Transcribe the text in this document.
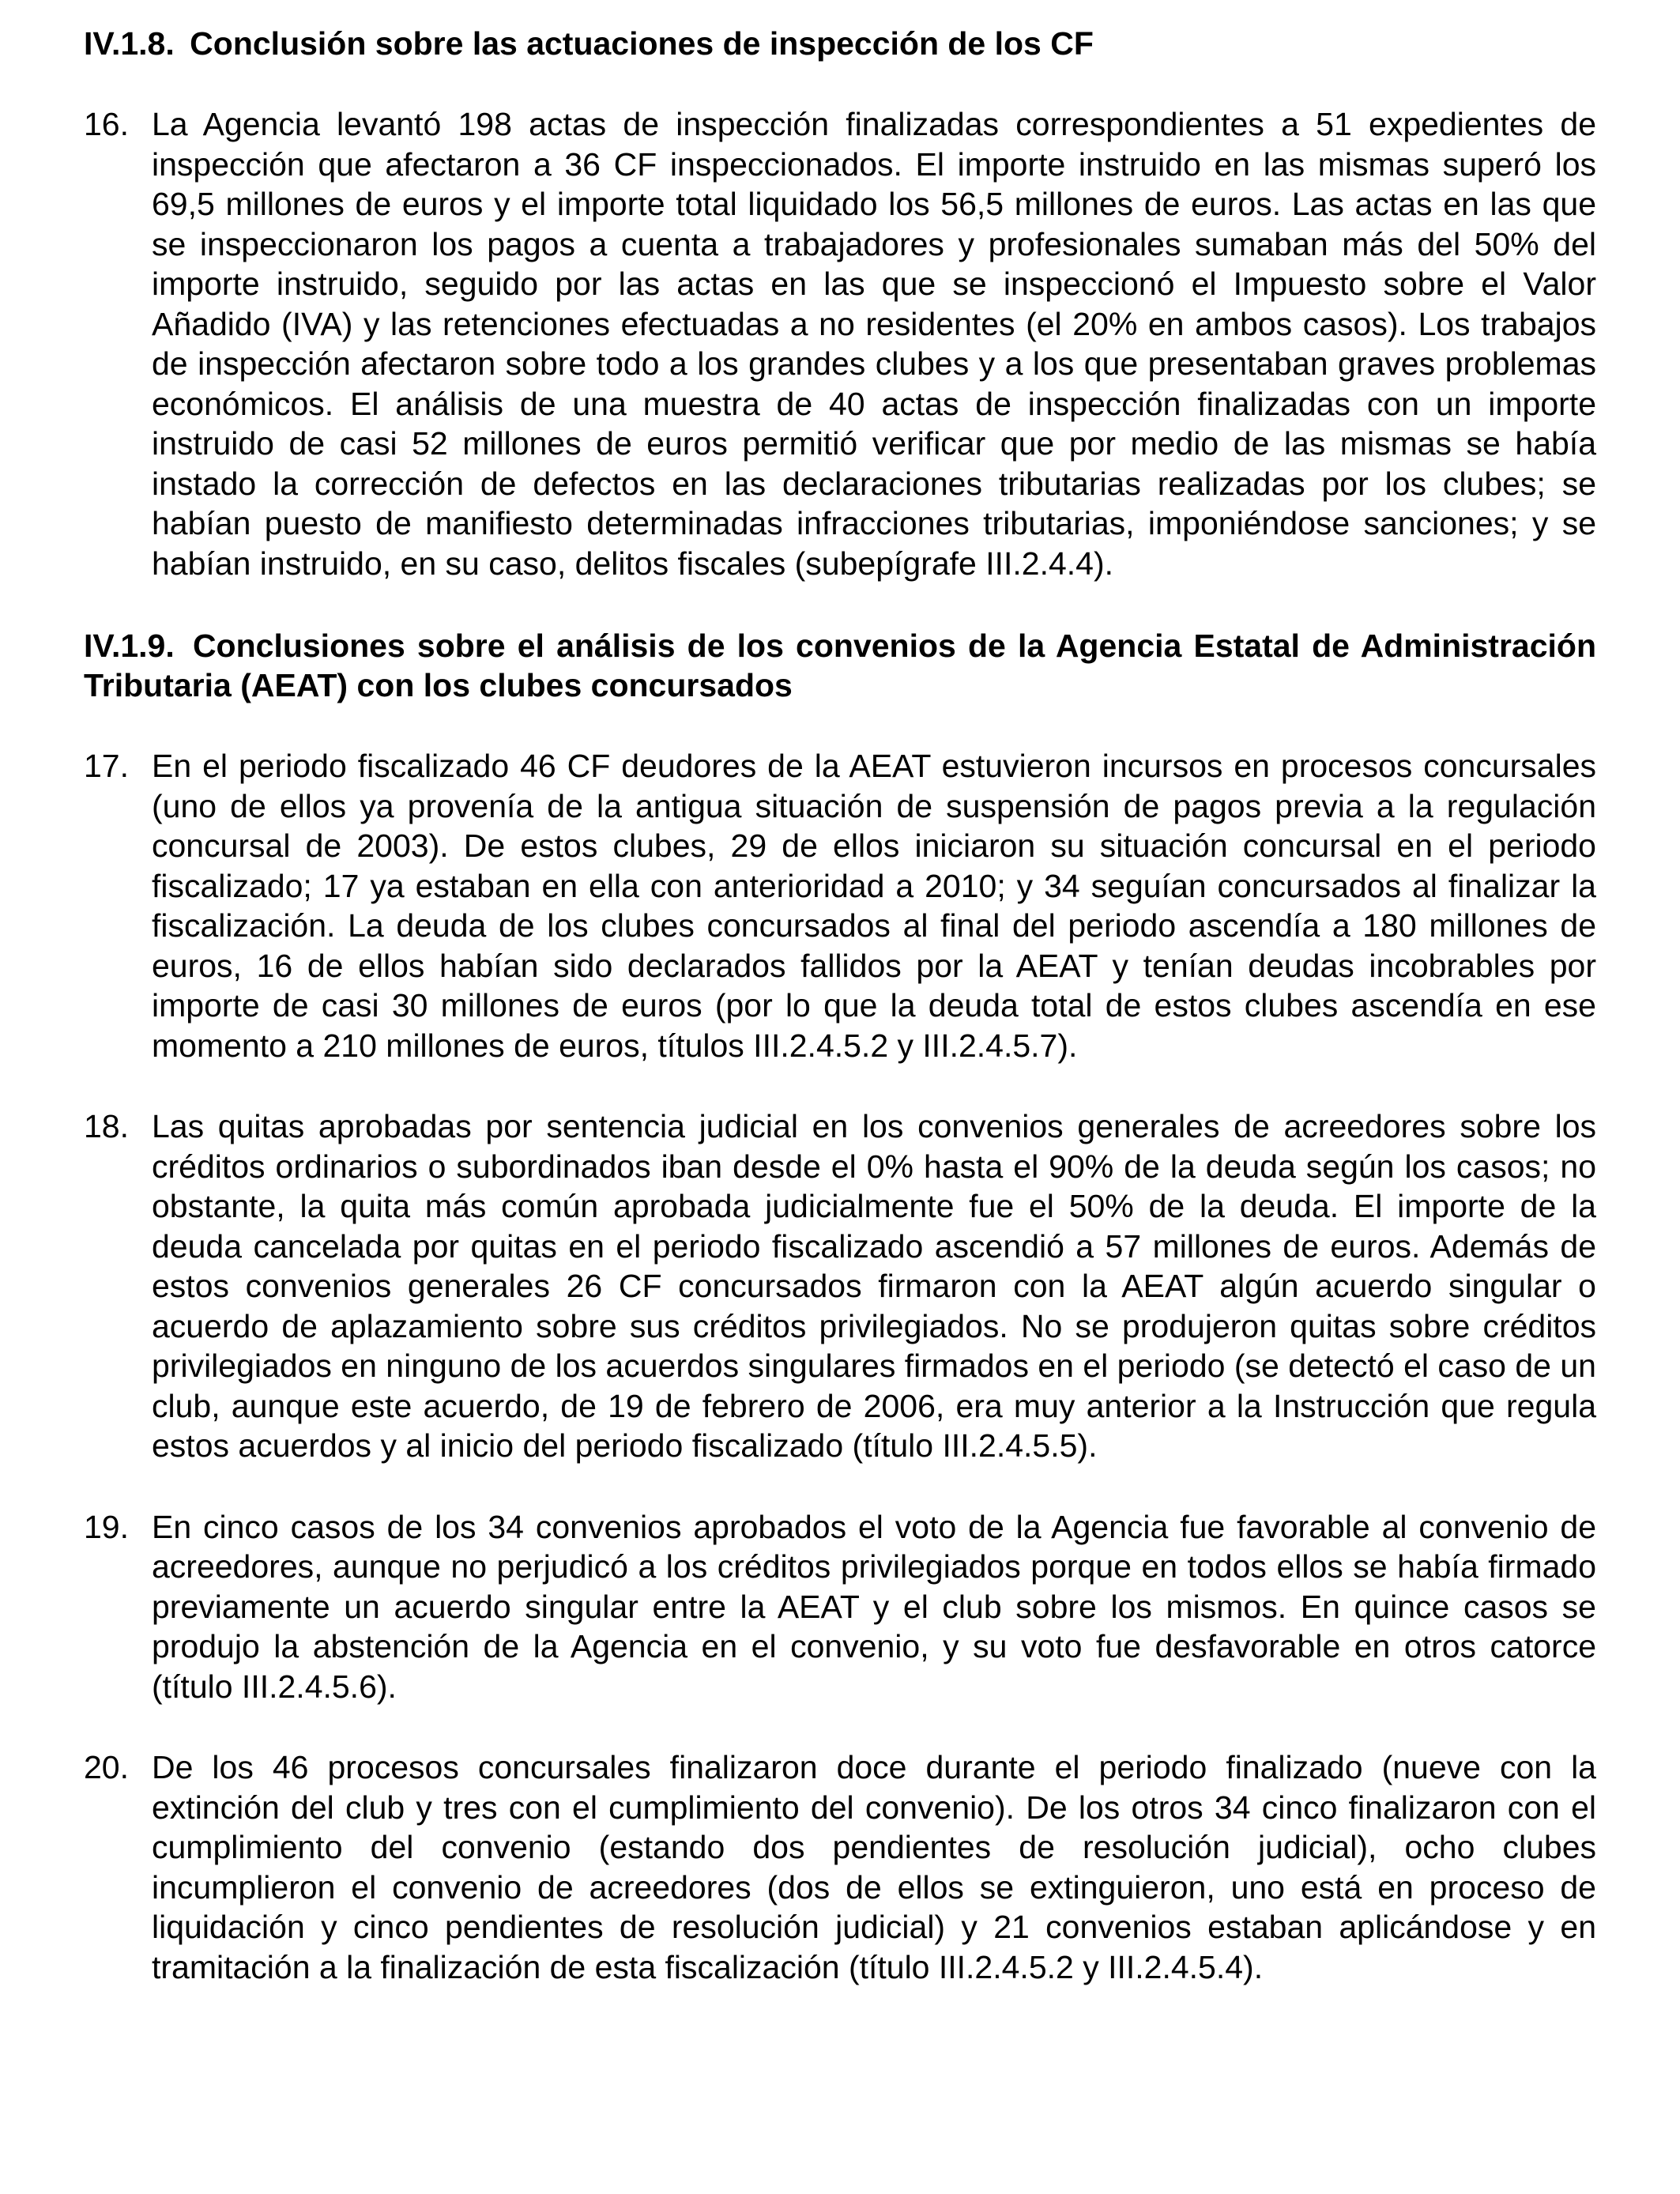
IV.1.8. Conclusión sobre las actuaciones de inspección de los CF

16. La Agencia levantó 198 actas de inspección finalizadas correspondientes a 51 expedientes de inspección que afectaron a 36 CF inspeccionados. El importe instruido en las mismas superó los 69,5 millones de euros y el importe total liquidado los 56,5 millones de euros. Las actas en las que se inspeccionaron los pagos a cuenta a trabajadores y profesionales sumaban más del 50% del importe instruido, seguido por las actas en las que se inspeccionó el Impuesto sobre el Valor Añadido (IVA) y las retenciones efectuadas a no residentes (el 20% en ambos casos). Los trabajos de inspección afectaron sobre todo a los grandes clubes y a los que presentaban graves problemas económicos. El análisis de una muestra de 40 actas de inspección finalizadas con un importe instruido de casi 52 millones de euros permitió verificar que por medio de las mismas se había instado la corrección de defectos en las declaraciones tributarias realizadas por los clubes; se habían puesto de manifiesto determinadas infracciones tributarias, imponiéndose sanciones; y se habían instruido, en su caso, delitos fiscales (subepígrafe III.2.4.4).

IV.1.9. Conclusiones sobre el análisis de los convenios de la Agencia Estatal de Administración Tributaria (AEAT) con los clubes concursados

17. En el periodo fiscalizado 46 CF deudores de la AEAT estuvieron incursos en procesos concursales (uno de ellos ya provenía de la antigua situación de suspensión de pagos previa a la regulación concursal de 2003). De estos clubes, 29 de ellos iniciaron su situación concursal en el periodo fiscalizado; 17 ya estaban en ella con anterioridad a 2010; y 34 seguían concursados al finalizar la fiscalización. La deuda de los clubes concursados al final del periodo ascendía a 180 millones de euros, 16 de ellos habían sido declarados fallidos por la AEAT y tenían deudas incobrables por importe de casi 30 millones de euros (por lo que la deuda total de estos clubes ascendía en ese momento a 210 millones de euros, títulos III.2.4.5.2 y III.2.4.5.7).

18. Las quitas aprobadas por sentencia judicial en los convenios generales de acreedores sobre los créditos ordinarios o subordinados iban desde el 0% hasta el 90% de la deuda según los casos; no obstante, la quita más común aprobada judicialmente fue el 50% de la deuda. El importe de la deuda cancelada por quitas en el periodo fiscalizado ascendió a 57 millones de euros. Además de estos convenios generales 26 CF concursados firmaron con la AEAT algún acuerdo singular o acuerdo de aplazamiento sobre sus créditos privilegiados. No se produjeron quitas sobre créditos privilegiados en ninguno de los acuerdos singulares firmados en el periodo (se detectó el caso de un club, aunque este acuerdo, de 19 de febrero de 2006, era muy anterior a la Instrucción que regula estos acuerdos y al inicio del periodo fiscalizado (título III.2.4.5.5).

19. En cinco casos de los 34 convenios aprobados el voto de la Agencia fue favorable al convenio de acreedores, aunque no perjudicó a los créditos privilegiados porque en todos ellos se había firmado previamente un acuerdo singular entre la AEAT y el club sobre los mismos. En quince casos se produjo la abstención de la Agencia en el convenio, y su voto fue desfavorable en otros catorce (título III.2.4.5.6).

20. De los 46 procesos concursales finalizaron doce durante el periodo finalizado (nueve con la extinción del club y tres con el cumplimiento del convenio). De los otros 34 cinco finalizaron con el cumplimiento del convenio (estando dos pendientes de resolución judicial), ocho clubes incumplieron el convenio de acreedores (dos de ellos se extinguieron, uno está en proceso de liquidación y cinco pendientes de resolución judicial) y 21 convenios estaban aplicándose y en tramitación a la finalización de esta fiscalización (título III.2.4.5.2 y III.2.4.5.4).
